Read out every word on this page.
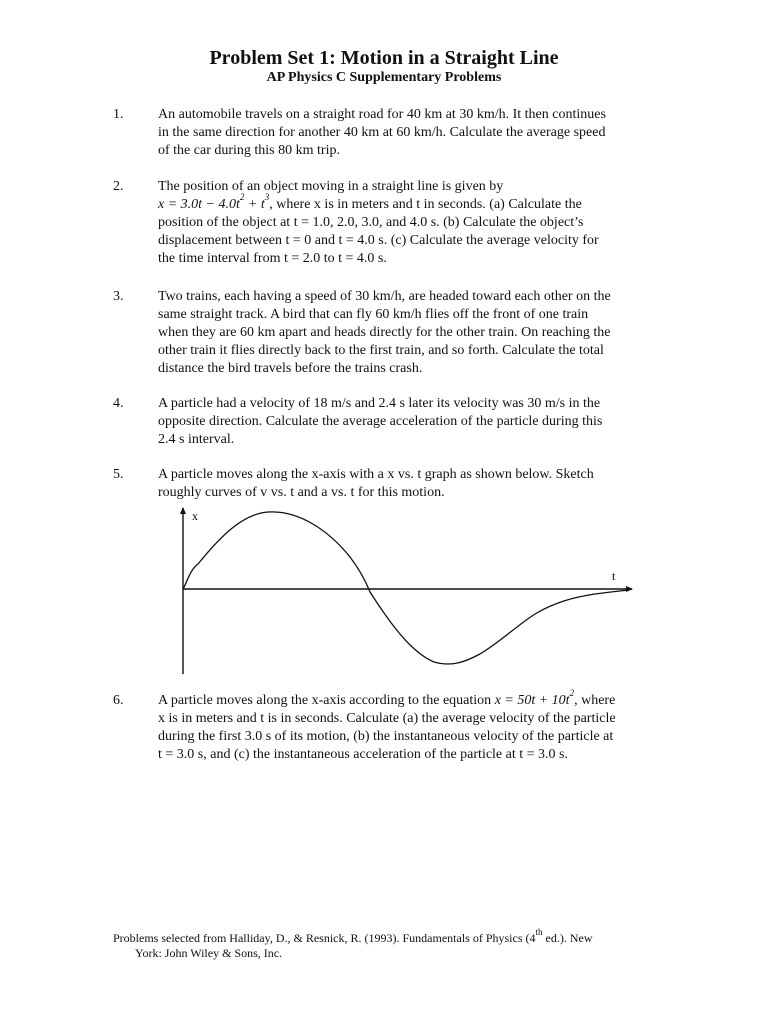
Problem Set 1: Motion in a Straight Line
AP Physics C Supplementary Problems
1. An automobile travels on a straight road for 40 km at 30 km/h. It then continues
in the same direction for another 40 km at 60 km/h. Calculate the average speed
of the car during this 80 km trip.
2. The position of an object moving in a straight line is given by
$x = 3.0t - 4.0t^2 + t^3$, where x is in meters and t in seconds. (a) Calculate the
position of the object at t = 1.0, 2.0, 3.0, and 4.0 s. (b) Calculate the object’s
displacement between t = 0 and t = 4.0 s. (c) Calculate the average velocity for
the time interval from t = 2.0 to t = 4.0 s.
3. Two trains, each having a speed of 30 km/h, are headed toward each other on the
same straight track. A bird that can fly 60 km/h flies off the front of one train
when they are 60 km apart and heads directly for the other train. On reaching the
other train it flies directly back to the first train, and so forth. Calculate the total
distance the bird travels before the trains crash.
4. A particle had a velocity of 18 m/s and 2.4 s later its velocity was 30 m/s in the
opposite direction. Calculate the average acceleration of the particle during this
2.4 s interval.
5. A particle moves along the x-axis with a x vs. t graph as shown below. Sketch
roughly curves of v vs. t and a vs. t for this motion.
x
t
6. A particle moves along the x-axis according to the equation $x = 50t + 10t^2$, where
x is in meters and t is in seconds. Calculate (a) the average velocity of the particle
during the first 3.0 s of its motion, (b) the instantaneous velocity of the particle at
t = 3.0 s, and (c) the instantaneous acceleration of the particle at t = 3.0 s.
Problems selected from Halliday, D., & Resnick, R. (1993). Fundamentals of Physics (4th ed.). New
York: John Wiley & Sons, Inc.
